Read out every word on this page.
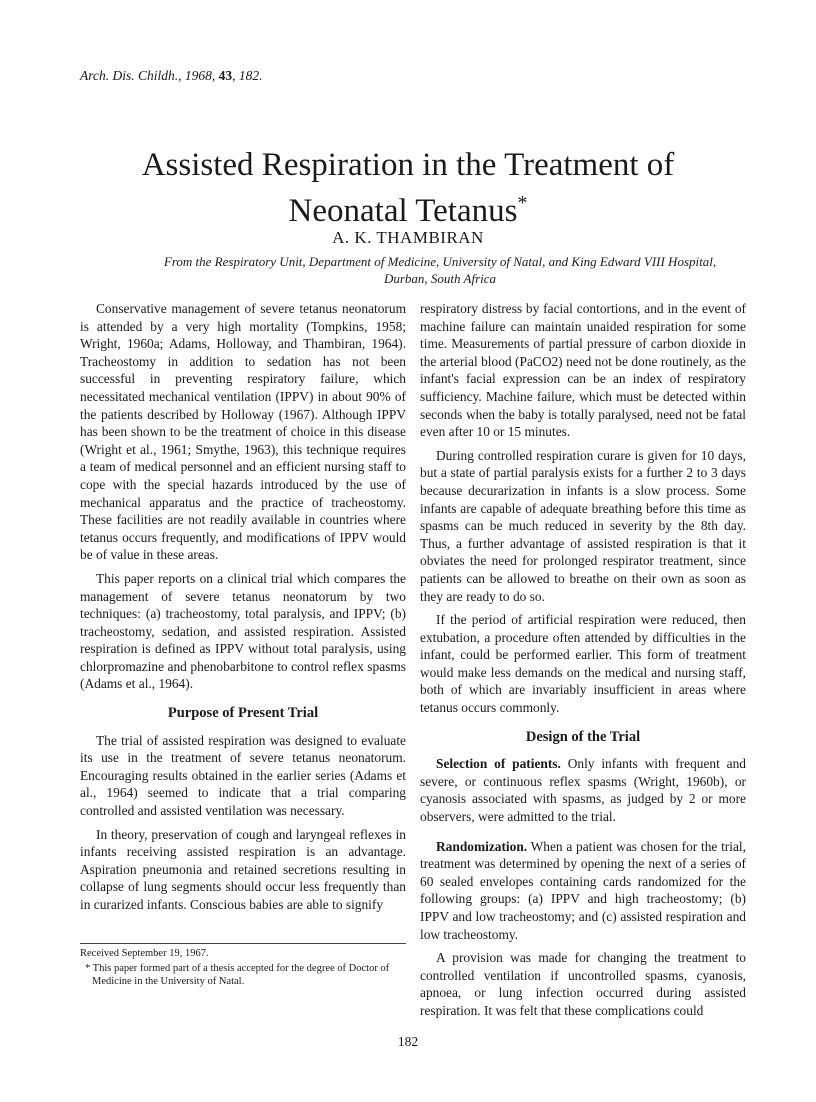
Arch. Dis. Childh., 1968, 43, 182.
Assisted Respiration in the Treatment of
Neonatal Tetanus*
A. K. THAMBIRAN
From the Respiratory Unit, Department of Medicine, University of Natal, and King Edward VIII Hospital,
Durban, South Africa

Conservative management of severe tetanus neonatorum is attended by a very high mortality (Tompkins, 1958; Wright, 1960a; Adams, Holloway, and Thambiran, 1964). Tracheostomy in addition to sedation has not been successful in preventing respiratory failure, which necessitated mechanical ventilation (IPPV) in about 90% of the patients described by Holloway (1967). Although IPPV has been shown to be the treatment of choice in this disease (Wright et al., 1961; Smythe, 1963), this technique requires a team of medical personnel and an efficient nursing staff to cope with the special hazards introduced by the use of mechanical apparatus and the practice of tracheostomy. These facilities are not readily available in countries where tetanus occurs frequently, and modifications of IPPV would be of value in these areas.

This paper reports on a clinical trial which compares the management of severe tetanus neonatorum by two techniques: (a) tracheostomy, total paralysis, and IPPV; (b) tracheostomy, sedation, and assisted respiration. Assisted respiration is defined as IPPV without total paralysis, using chlorpromazine and phenobarbitone to control reflex spasms (Adams et al., 1964).

Purpose of Present Trial

The trial of assisted respiration was designed to evaluate its use in the treatment of severe tetanus neonatorum. Encouraging results obtained in the earlier series (Adams et al., 1964) seemed to indicate that a trial comparing controlled and assisted ventilation was necessary.

In theory, preservation of cough and laryngeal reflexes in infants receiving assisted respiration is an advantage. Aspiration pneumonia and retained secretions resulting in collapse of lung segments should occur less frequently than in curarized infants. Conscious babies are able to signify

respiratory distress by facial contortions, and in the event of machine failure can maintain unaided respiration for some time. Measurements of partial pressure of carbon dioxide in the arterial blood (PaCO2) need not be done routinely, as the infant's facial expression can be an index of respiratory sufficiency. Machine failure, which must be detected within seconds when the baby is totally paralysed, need not be fatal even after 10 or 15 minutes.

During controlled respiration curare is given for 10 days, but a state of partial paralysis exists for a further 2 to 3 days because decurarization in infants is a slow process. Some infants are capable of adequate breathing before this time as spasms can be much reduced in severity by the 8th day. Thus, a further advantage of assisted respiration is that it obviates the need for prolonged respirator treatment, since patients can be allowed to breathe on their own as soon as they are ready to do so.

If the period of artificial respiration were reduced, then extubation, a procedure often attended by difficulties in the infant, could be performed earlier. This form of treatment would make less demands on the medical and nursing staff, both of which are invariably insufficient in areas where tetanus occurs commonly.

Design of the Trial

Selection of patients. Only infants with frequent and severe, or continuous reflex spasms (Wright, 1960b), or cyanosis associated with spasms, as judged by 2 or more observers, were admitted to the trial.

Randomization. When a patient was chosen for the trial, treatment was determined by opening the next of a series of 60 sealed envelopes containing cards randomized for the following groups: (a) IPPV and high tracheostomy; (b) IPPV and low tracheostomy; and (c) assisted respiration and low tracheostomy.

A provision was made for changing the treatment to controlled ventilation if uncontrolled spasms, cyanosis, apnoea, or lung infection occurred during assisted respiration. It was felt that these complications could

Received September 19, 1967.

* This paper formed part of a thesis accepted for the degree of Doctor of Medicine in the University of Natal.

182
